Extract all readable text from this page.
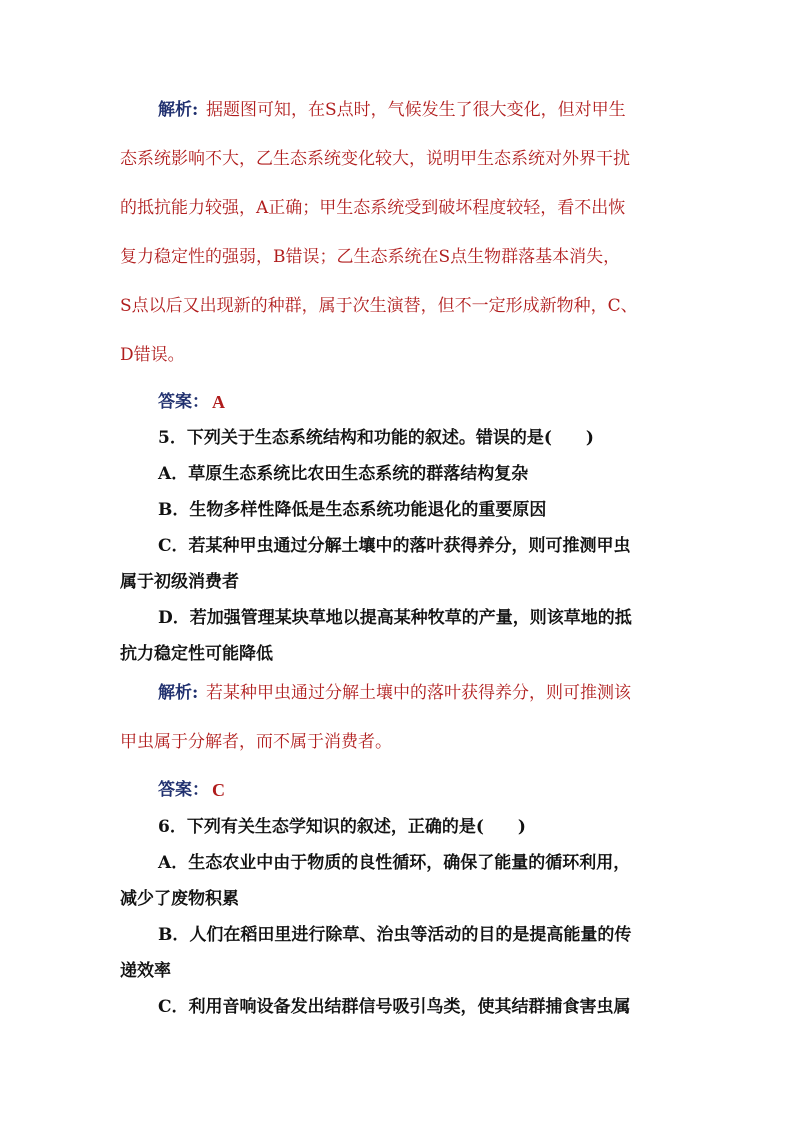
解析: 据题图可知，在S点时，气候发生了很大变化，但对甲生
态系统影响不大，乙生态系统变化较大，说明甲生态系统对外界干扰
的抵抗能力较强，A正确；甲生态系统受到破坏程度较轻，看不出恢
复力稳定性的强弱，B错误；乙生态系统在S点生物群落基本消失，
S点以后又出现新的种群，属于次生演替，但不一定形成新物种，C、
D错误。
答案： A
5．下列关于生态系统结构和功能的叙述。错误的是(　　)
A．草原生态系统比农田生态系统的群落结构复杂
B．生物多样性降低是生态系统功能退化的重要原因
C．若某种甲虫通过分解土壤中的落叶获得养分，则可推测甲虫
属于初级消费者
D．若加强管理某块草地以提高某种牧草的产量，则该草地的抵
抗力稳定性可能降低
解析: 若某种甲虫通过分解土壤中的落叶获得养分，则可推测该
甲虫属于分解者，而不属于消费者。
答案： C
6．下列有关生态学知识的叙述，正确的是(　　)
A．生态农业中由于物质的良性循环，确保了能量的循环利用，
减少了废物积累
B．人们在稻田里进行除草、治虫等活动的目的是提高能量的传
递效率
C．利用音响设备发出结群信号吸引鸟类，使其结群捕食害虫属
